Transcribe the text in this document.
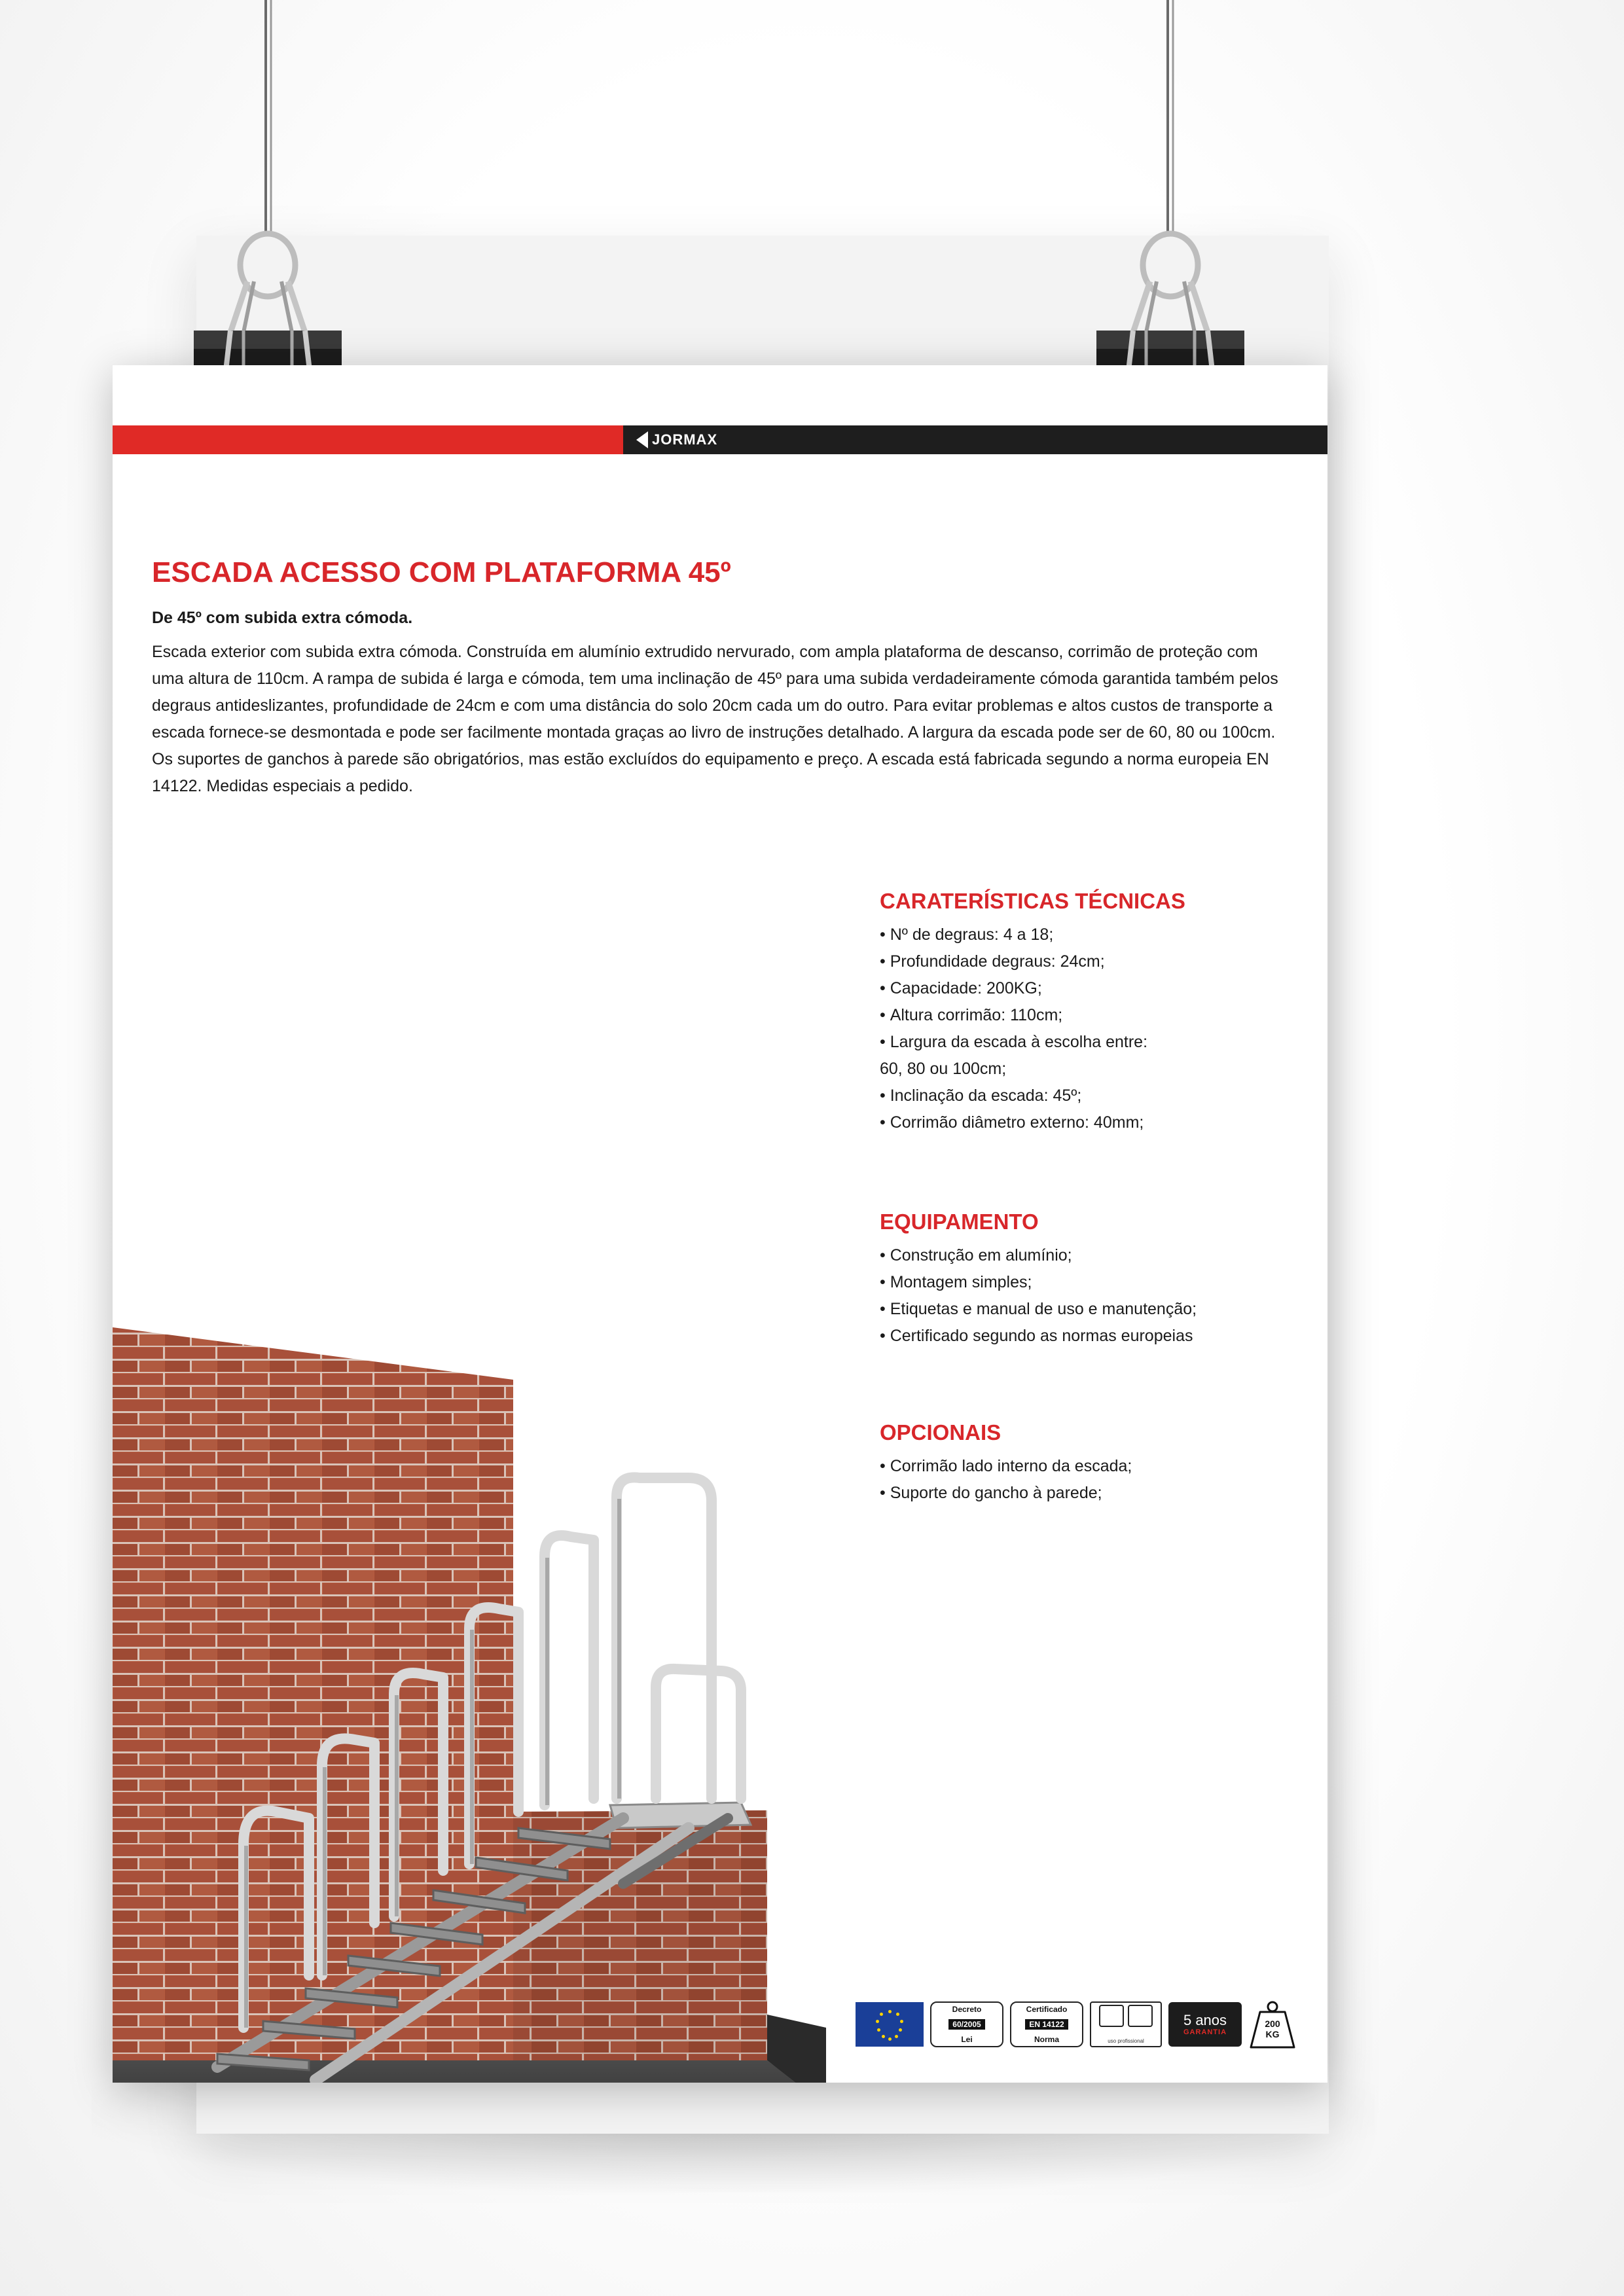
JORMAX
ESCADA ACESSO COM PLATAFORMA 45º

De 45º com subida extra cómoda.

Escada exterior com subida extra cómoda. Construída em alumínio extrudido nervurado, com ampla plataforma de descanso, corrimão de proteção com uma altura de 110cm. A rampa de subida é larga e cómoda, tem uma inclinação de 45º para uma subida verdadeiramente cómoda garantida também pelos degraus antideslizantes, profundidade de 24cm e com uma distância do solo 20cm cada um do outro. Para evitar problemas e altos custos de transporte a escada fornece-se desmontada e pode ser facilmente montada graças ao livro de instruções detalhado. A largura da escada pode ser de 60, 80 ou 100cm. Os suportes de ganchos à parede são obrigatórios, mas estão excluídos do equipamento e preço. A escada está fabricada segundo a norma europeia EN 14122. Medidas especiais a pedido.

CARATERÍSTICAS TÉCNICAS
• Nº de degraus: 4 a 18;
• Profundidade degraus: 24cm;
• Capacidade: 200KG;
• Altura corrimão: 110cm;
• Largura da escada à escolha entre:
60, 80 ou 100cm;
• Inclinação da escada: 45º;
• Corrimão diâmetro externo: 40mm;
EQUIPAMENTO
• Construção em alumínio;
• Montagem simples;
• Etiquetas e manual de uso e manutenção;
• Certificado segundo as normas europeias
OPCIONAIS
• Corrimão lado interno da escada;
• Suporte do gancho à parede;
Decreto
60/2005
Lei
Certificado
EN 14122
Norma	uso profissional
5 anos
GARANTIA
200
KG
